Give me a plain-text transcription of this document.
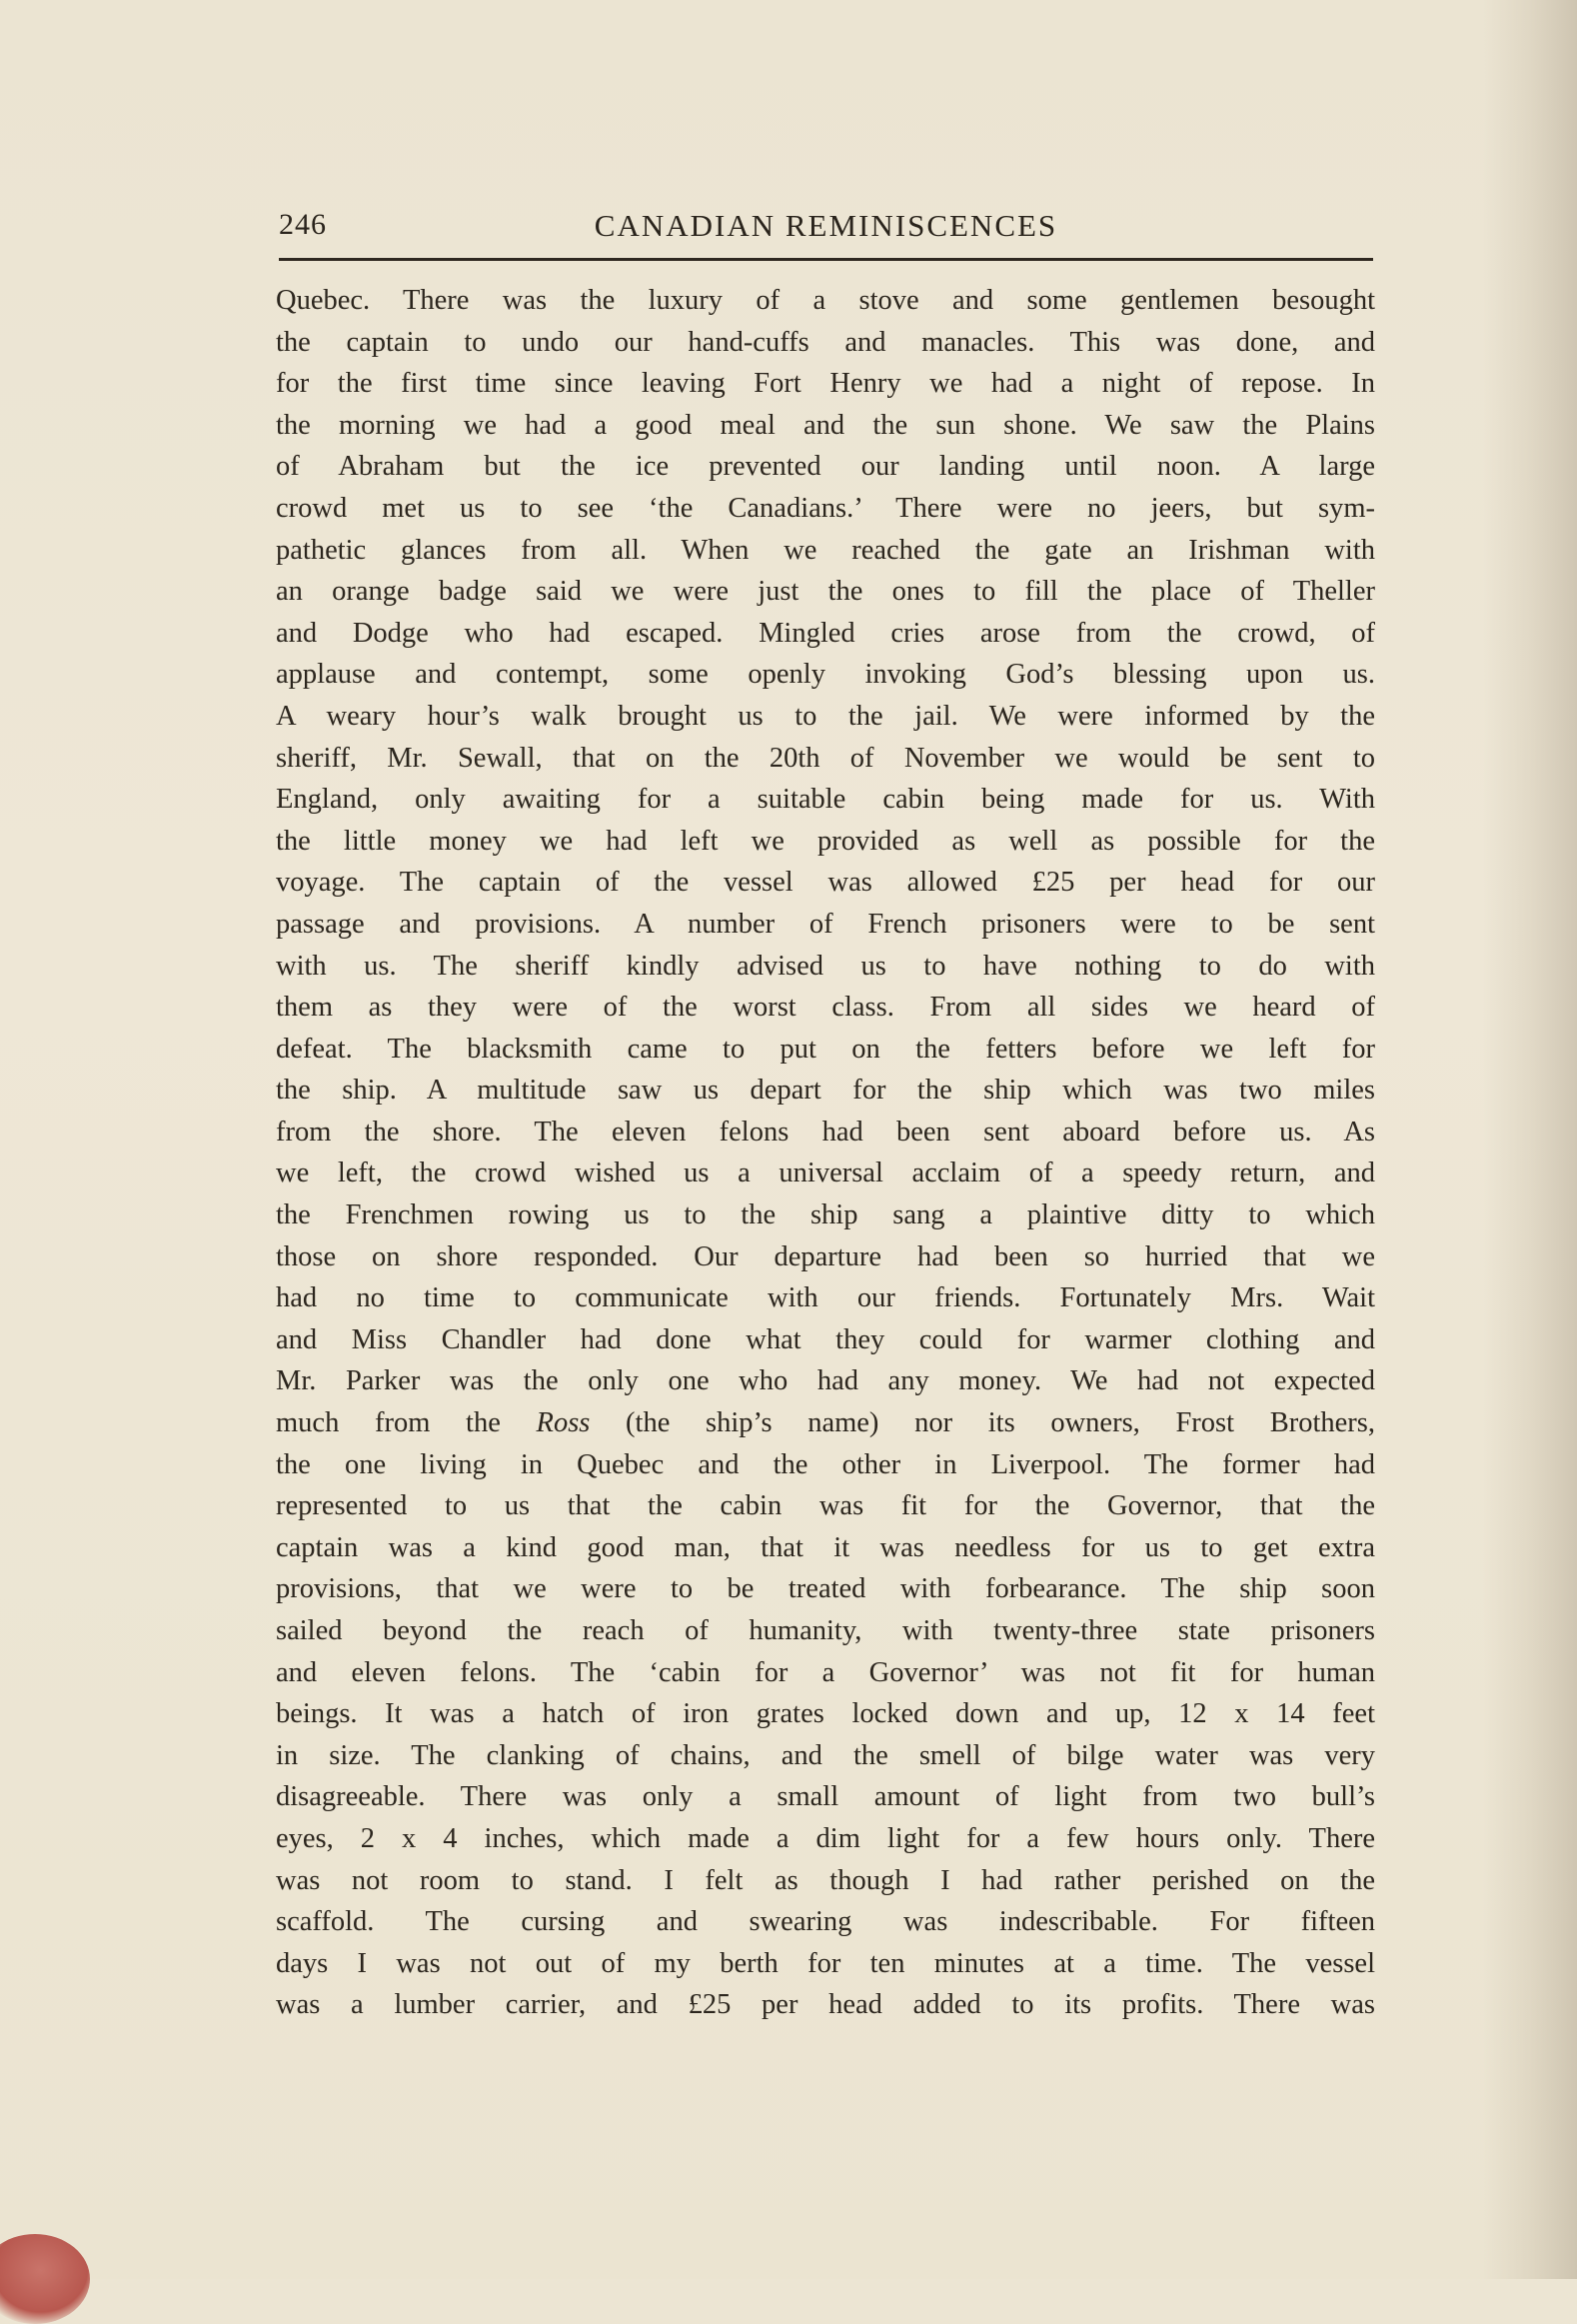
246	CANADIAN REMINISCENCES
Quebec. There was the luxury of a stove and some gentlemen besought
the captain to undo our hand-cuffs and manacles. This was done, and
for the first time since leaving Fort Henry we had a night of repose. In
the morning we had a good meal and the sun shone. We saw the Plains
of Abraham but the ice prevented our landing until noon. A large
crowd met us to see ‘the Canadians.’ There were no jeers, but sym-
pathetic glances from all. When we reached the gate an Irishman with
an orange badge said we were just the ones to fill the place of Theller
and Dodge who had escaped. Mingled cries arose from the crowd, of
applause and contempt, some openly invoking God’s blessing upon us.
A weary hour’s walk brought us to the jail. We were informed by the
sheriff, Mr. Sewall, that on the 20th of November we would be sent to
England, only awaiting for a suitable cabin being made for us. With
the little money we had left we provided as well as possible for the
voyage. The captain of the vessel was allowed £25 per head for our
passage and provisions. A number of French prisoners were to be sent
with us. The sheriff kindly advised us to have nothing to do with
them as they were of the worst class. From all sides we heard of
defeat. The blacksmith came to put on the fetters before we left for
the ship. A multitude saw us depart for the ship which was two miles
from the shore. The eleven felons had been sent aboard before us. As
we left, the crowd wished us a universal acclaim of a speedy return, and
the Frenchmen rowing us to the ship sang a plaintive ditty to which
those on shore responded. Our departure had been so hurried that we
had no time to communicate with our friends. Fortunately Mrs. Wait
and Miss Chandler had done what they could for warmer clothing and
Mr. Parker was the only one who had any money. We had not expected
much from the Ross (the ship’s name) nor its owners, Frost Brothers,
the one living in Quebec and the other in Liverpool. The former had
represented to us that the cabin was fit for the Governor, that the
captain was a kind good man, that it was needless for us to get extra
provisions, that we were to be treated with forbearance. The ship soon
sailed beyond the reach of humanity, with twenty-three state prisoners
and eleven felons. The ‘cabin for a Governor’ was not fit for human
beings. It was a hatch of iron grates locked down and up, 12 x 14 feet
in size. The clanking of chains, and the smell of bilge water was very
disagreeable. There was only a small amount of light from two bull’s
eyes, 2 x 4 inches, which made a dim light for a few hours only. There
was not room to stand. I felt as though I had rather perished on the
scaffold. The cursing and swearing was indescribable. For fifteen
days I was not out of my berth for ten minutes at a time. The vessel
was a lumber carrier, and £25 per head added to its profits. There was
